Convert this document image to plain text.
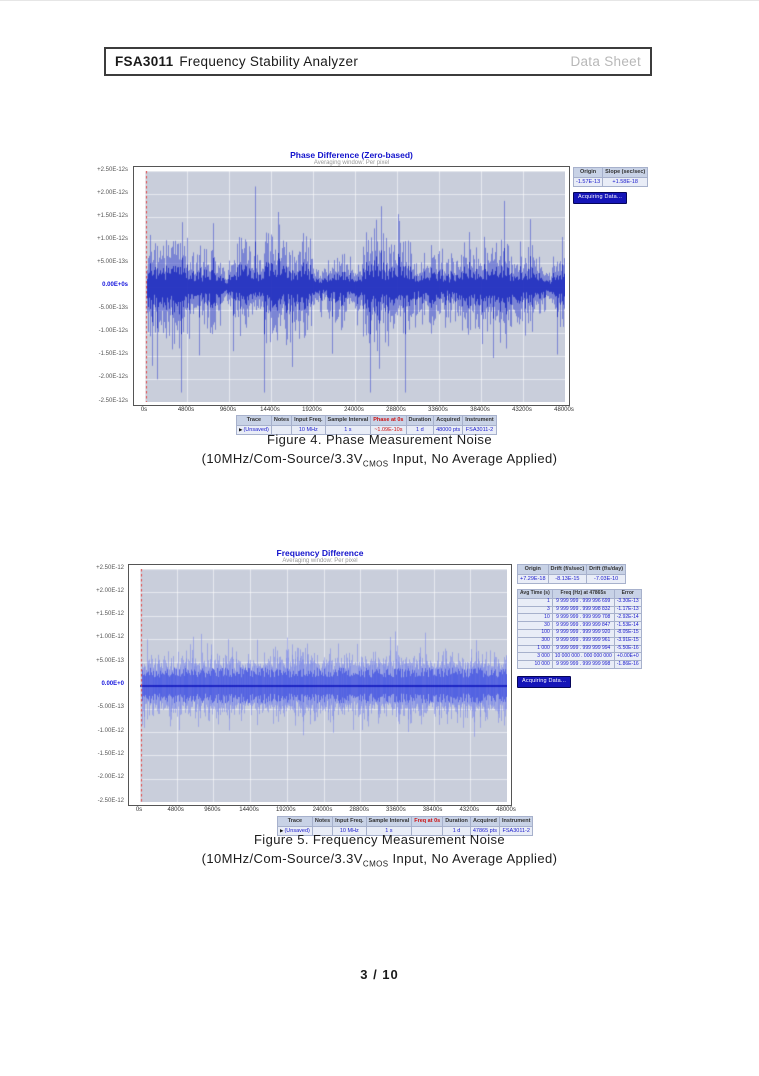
FSA3011 Frequency Stability Analyzer	Data Sheet
Phase Difference (Zero-based)
Averaging window: Per pixel
+2.50E-12s
+2.00E-12s
+1.50E-12s
+1.00E-12s
+5.00E-13s
0.00E+0s
-5.00E-13s
-1.00E-12s
-1.50E-12s
-2.00E-12s
-2.50E-12s
0s	4800s	9600s	14400s	19200s	24000s	28800s	33600s	38400s	43200s	48000s
Origin	Slope (sec/sec)
-1.57E-13	+1.58E-18
Acquiring Data...
Trace	Notes	Input Freq.	Sample Interval	Phase at 0s	Duration	Acquired	Instrument
▶(Unsaved)		10 MHz	1 s	~1.09E-10s	1 d	48000 pts	FSA3011-2
Figure 4. Phase Measurement Noise
($10MHz/Com-Source/3.3V_{CMOS}$ Input, No Average Applied)
Frequency Difference
Averaging window: Per pixel
+2.50E-12
+2.00E-12
+1.50E-12
+1.00E-12
+5.00E-13
0.00E+0
-5.00E-13
-1.00E-12
-1.50E-12
-2.00E-12
-2.50E-12
0s	4800s	9600s	14400s	19200s	24000s	28800s	33600s	38400s	43200s	48000s
Origin	Drift (f/s/sec)	Drift (f/s/day)
+7.29E-18	-8.13E-15	-7.03E-10
Avg Time (s)	Freq (Hz) at 47865s	Error
1	9 999 999 . 999 996 699	-3.30E-13
3	9 999 999 . 999 998 832	-1.17E-13
10	9 999 999 . 999 999 708	-2.92E-14
30	9 999 999 . 999 999 847	-1.53E-14
100	9 999 999 . 999 999 920	-8.05E-15
300	9 999 999 . 999 999 961	-3.91E-15
1 000	9 999 999 . 999 999 994	-5.50E-16
3 000	10 000 000 . 000 000 000	+0.00E+0
10 000	9 999 999 . 999 999 998	-1.86E-16
Acquiring Data...
Trace	Notes	Input Freq.	Sample Interval	Freq at 0s	Duration	Acquired	Instrument
▶(Unsaved)		10 MHz	1 s		1 d	47865 pts	FSA3011-2
Figure 5. Frequency Measurement Noise
($10MHz/Com-Source/3.3V_{CMOS}$ Input, No Average Applied)
3 / 10
